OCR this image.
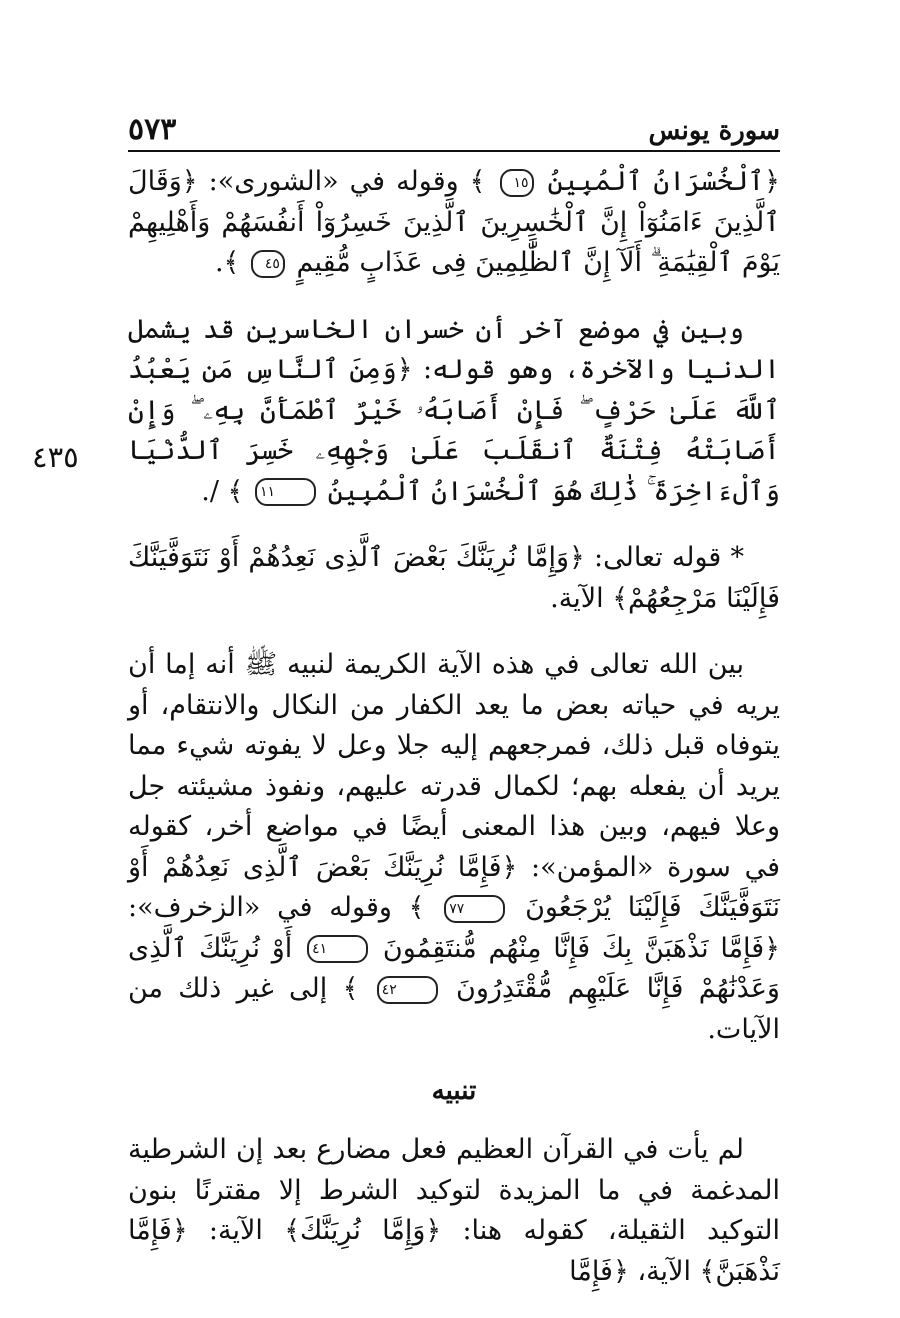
سورة يونس
٥٧٣
٤٣٥

﴿ٱلْخُسْرَانُ ٱلْمُبِينُ ١٥ ﴾ وقوله في «الشورى»: ﴿وَقَالَ ٱلَّذِينَ ءَامَنُوٓاْ إِنَّ ٱلْخَٰسِرِينَ ٱلَّذِينَ خَسِرُوٓاْ أَنفُسَهُمْ وَأَهْلِيهِمْ يَوْمَ ٱلْقِيَٰمَةِ ۗ أَلَآ إِنَّ ٱلظَّٰلِمِينَ فِى عَذَابٍ مُّقِيمٍ ٤٥ ﴾.

وبين في موضع آخر أن خسران الخاسرين قد يشمل الدنيا والآخرة، وهو قوله: ﴿وَمِنَ ٱلنَّاسِ مَن يَعْبُدُ ٱللَّهَ عَلَىٰ حَرْفٍ ۖ فَإِنْ أَصَابَهُۥ خَيْرٌ ٱطْمَأَنَّ بِهِۦ ۖ وَإِنْ أَصَابَتْهُ فِتْنَةٌ ٱنقَلَبَ عَلَىٰ وَجْهِهِۦ خَسِرَ ٱلدُّنْيَا وَٱلْءَاخِرَةَ ۚ ذَٰلِكَ هُوَ ٱلْخُسْرَانُ ٱلْمُبِينُ ١١ ﴾ /.

* قوله تعالى: ﴿وَإِمَّا نُرِيَنَّكَ بَعْضَ ٱلَّذِى نَعِدُهُمْ أَوْ نَتَوَفَّيَنَّكَ فَإِلَيْنَا مَرْجِعُهُمْ﴾ الآية.

بين الله تعالى في هذه الآية الكريمة لنبيه ﷺ أنه إما أن يريه في حياته بعض ما يعد الكفار من النكال والانتقام، أو يتوفاه قبل ذلك، فمرجعهم إليه جلا وعل لا يفوته شيء مما يريد أن يفعله بهم؛ لكمال قدرته عليهم، ونفوذ مشيئته جل وعلا فيهم، وبين هذا المعنى أيضًا في مواضع أخر، كقوله في سورة «المؤمن»: ﴿فَإِمَّا نُرِيَنَّكَ بَعْضَ ٱلَّذِى نَعِدُهُمْ أَوْ نَتَوَفَّيَنَّكَ فَإِلَيْنَا يُرْجَعُونَ ٧٧ ﴾ وقوله في «الزخرف»: ﴿فَإِمَّا نَذْهَبَنَّ بِكَ فَإِنَّا مِنْهُم مُّنتَقِمُونَ ٤١ أَوْ نُرِيَنَّكَ ٱلَّذِى وَعَدْنَٰهُمْ فَإِنَّا عَلَيْهِم مُّقْتَدِرُونَ ٤٢ ﴾ إلى غير ذلك من الآيات.

تنبيه

لم يأت في القرآن العظيم فعل مضارع بعد إن الشرطية المدغمة في ما المزيدة لتوكيد الشرط إلا مقترنًا بنون التوكيد الثقيلة، كقوله هنا: ﴿وَإِمَّا نُرِيَنَّكَ﴾ الآية: ﴿فَإِمَّا نَذْهَبَنَّ﴾ الآية، ﴿فَإِمَّا
